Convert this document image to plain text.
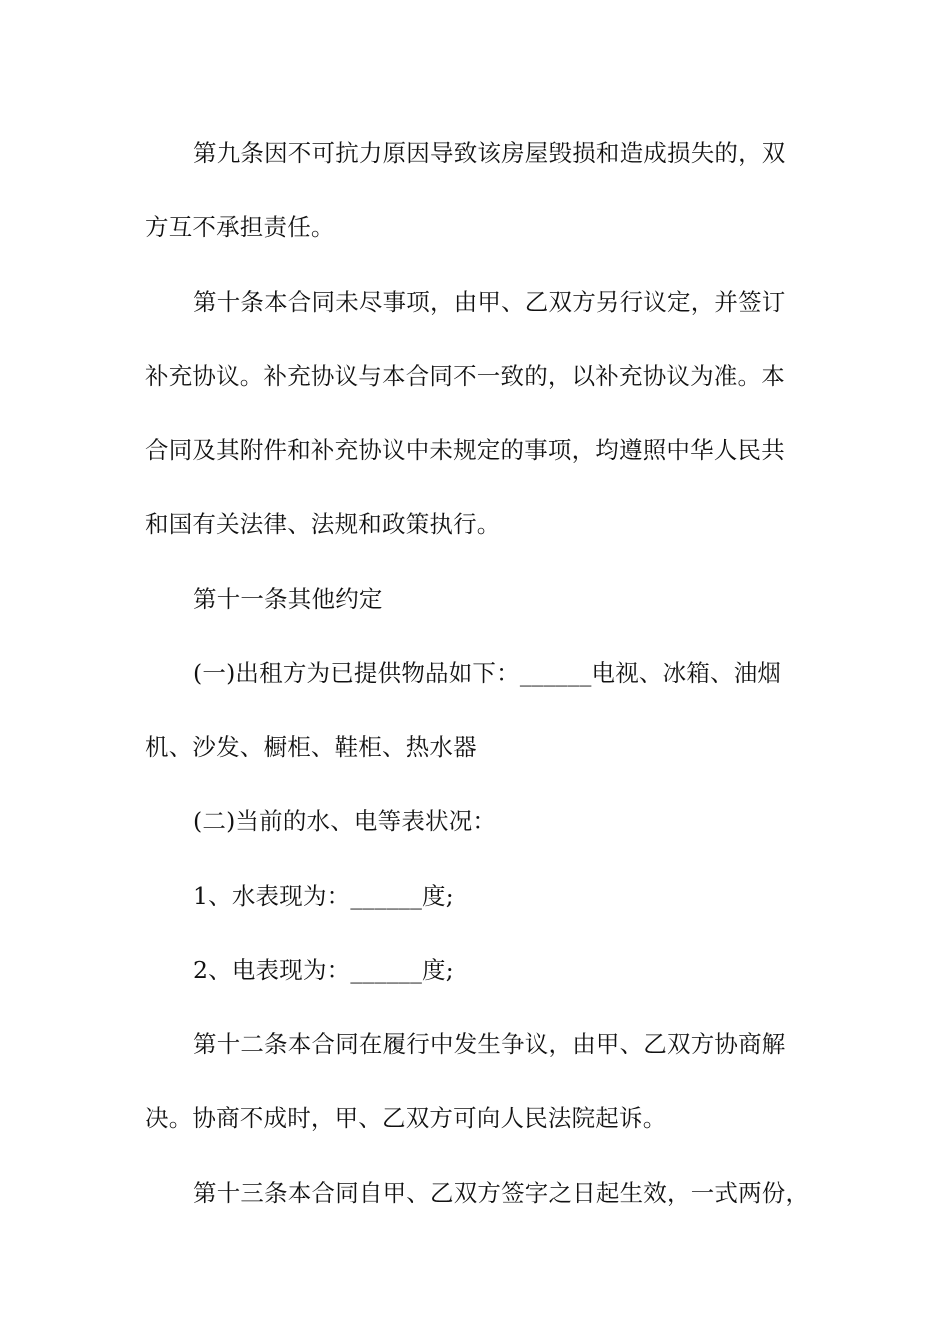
第九条因不可抗力原因导致该房屋毁损和造成损失的，双
方互不承担责任。
第十条本合同未尽事项，由甲、乙双方另行议定，并签订
补充协议。补充协议与本合同不一致的，以补充协议为准。本
合同及其附件和补充协议中未规定的事项，均遵照中华人民共
和国有关法律、法规和政策执行。
第十一条其他约定
(一)出租方为已提供物品如下：______电视、冰箱、油烟
机、沙发、橱柜、鞋柜、热水器
(二)当前的水、电等表状况：
1、水表现为：______度;
2、电表现为：______度;
第十二条本合同在履行中发生争议，由甲、乙双方协商解
决。协商不成时，甲、乙双方可向人民法院起诉。
第十三条本合同自甲、乙双方签字之日起生效，一式两份，
